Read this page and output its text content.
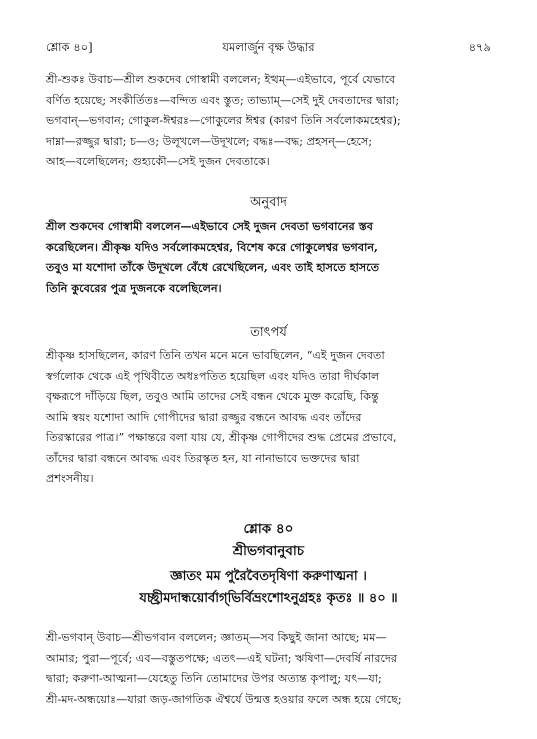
শ্লোক ৪০]	যমলার্জুন বৃক্ষ উদ্ধার	৪৭৯
শ্রী-শুকঃ উবাচ—শ্রীল শুকদেব গোস্বামী বললেন; ইত্থম্—এইভাবে, পূর্বে যেভাবে
বর্ণিত হয়েছে; সংকীর্তিতঃ—বন্দিত এবং স্তুত; তাভ্যাম্—সেই দুই দেবতাদের দ্বারা;
ভগবান্—ভগবান; গোকুল-ঈশ্বরঃ—গোকুলের ঈশ্বর (কারণ তিনি সর্বলোকমহেশ্বর);
দাম্না—রজ্জুর দ্বারা; চ—ও; উলূখলে—উদূখলে; বদ্ধঃ—বদ্ধ; প্রহসন্—হেসে;
আহ—বলেছিলেন; গুহ্যকৌ—সেই দুজন দেবতাকে।
অনুবাদ
শ্রীল শুকদেব গোস্বামী বললেন—এইভাবে সেই দুজন দেবতা ভগবানের স্তব
করেছিলেন। শ্রীকৃষ্ণ যদিও সর্বলোকমহেশ্বর, বিশেষ করে গোকুলেশ্বর ভগবান,
তবুও মা যশোদা তাঁকে উদূখলে বেঁধে রেখেছিলেন, এবং তাই হাসতে হাসতে
তিনি কুবেরের পুত্র দুজনকে বলেছিলেন।
তাৎপর্য
শ্রীকৃষ্ণ হাসছিলেন, কারণ তিনি তখন মনে মনে ভাবছিলেন, “এই দুজন দেবতা
স্বর্গলোক থেকে এই পৃথিবীতে অধঃপতিত হয়েছিল এবং যদিও তারা দীর্ঘকাল
বৃক্ষরূপে দাঁড়িয়ে ছিল, তবুও আমি তাদের সেই বন্ধন থেকে মুক্ত করেছি, কিন্তু
আমি স্বয়ং যশোদা আদি গোপীদের দ্বারা রজ্জুর বন্ধনে আবদ্ধ এবং তাঁদের
তিরস্কারের পাত্র।” পক্ষান্তরে বলা যায় যে, শ্রীকৃষ্ণ গোপীদের শুদ্ধ প্রেমের প্রভাবে,
তাঁদের দ্বারা বন্ধনে আবদ্ধ এবং তিরস্কৃত হন, যা নানাভাবে ভক্তদের দ্বারা
প্রশংসনীয়।
শ্লোক ৪০
শ্রীভগবানুবাচ
জ্ঞাতং মম পুরৈবৈতদৃষিণা করুণাত্মনা ।
যচ্ছ্রীমদান্ধয়োর্বাগ্‌ভির্বিভ্রংশোঽনুগ্রহঃ কৃতঃ ॥ ৪০ ॥
শ্রী-ভগবান্ উবাচ—শ্রীভগবান বললেন; জ্ঞাতম্—সব কিছুই জানা আছে; মম—
আমার; পুরা—পূর্বে; এব—বস্তুতপক্ষে; এতৎ—এই ঘটনা; ঋষিণা—দেবর্ষি নারদের
দ্বারা; করুণা-আত্মনা—যেহেতু তিনি তোমাদের উপর অত্যন্ত কৃপালু; যৎ—যা;
শ্রী-মদ-অন্ধয়োঃ—যারা জড়-জাগতিক ঐশ্বর্যে উন্মত্ত হওয়ার ফলে অন্ধ হয়ে গেছে;
